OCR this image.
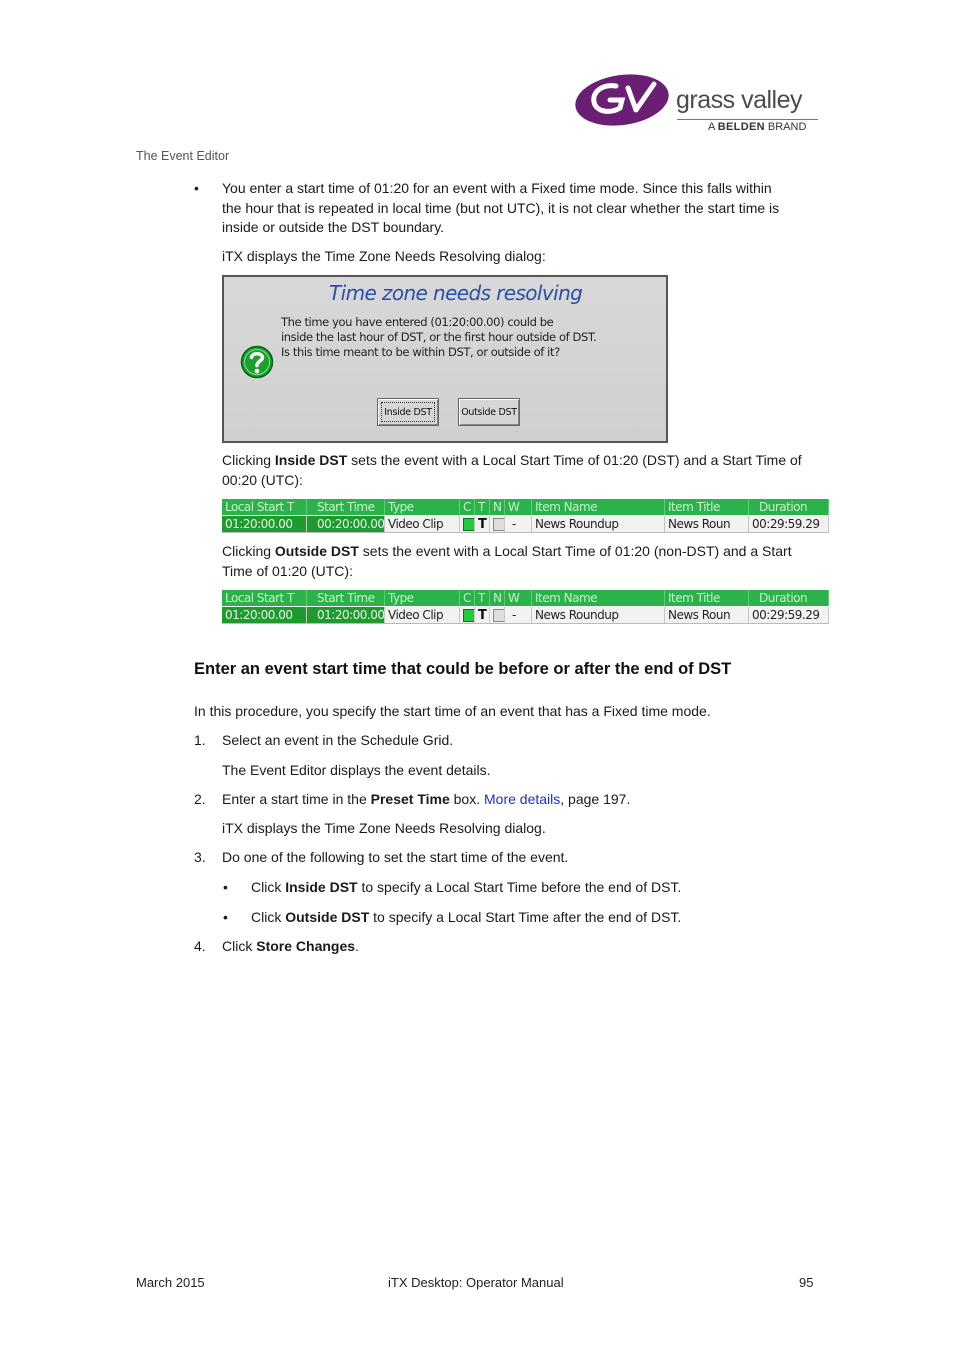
grass valley
A BELDEN BRAND
The Event Editor
• You enter a start time of 01:20 for an event with a Fixed time mode. Since this falls within
the hour that is repeated in local time (but not UTC), it is not clear whether the start time is
inside or outside the DST boundary.
iTX displays the Time Zone Needs Resolving dialog:
Time zone needs resolving
The time you have entered (01:20:00.00) could be
inside the last hour of DST, or the first hour outside of DST.
Is this time meant to be within DST, or outside of it?
Inside DST	Outside DST
Clicking Inside DST sets the event with a Local Start Time of 01:20 (DST) and a Start Time of
00:20 (UTC):
Local Start T	Start Time	Type	C T N W	Item Name	Item Title	Duration
01:20:00.00	00:20:00.00 Video Clip	T	-	News Roundup	News Roun	00:29:59.29
Clicking Outside DST sets the event with a Local Start Time of 01:20 (non-DST) and a Start
Time of 01:20 (UTC):
Local Start T	Start Time	Type	C T N W	Item Name	Item Title	Duration
01:20:00.00	01:20:00.00 Video Clip	T	-	News Roundup	News Roun	00:29:59.29
Enter an event start time that could be before or after the end of DST
In this procedure, you specify the start time of an event that has a Fixed time mode.
1. Select an event in the Schedule Grid.
The Event Editor displays the event details.
2. Enter a start time in the Preset Time box. More details, page 197.
iTX displays the Time Zone Needs Resolving dialog.
3. Do one of the following to set the start time of the event.
• Click Inside DST to specify a Local Start Time before the end of DST.
• Click Outside DST to specify a Local Start Time after the end of DST.
4. Click Store Changes.
March 2015	iTX Desktop: Operator Manual	95
